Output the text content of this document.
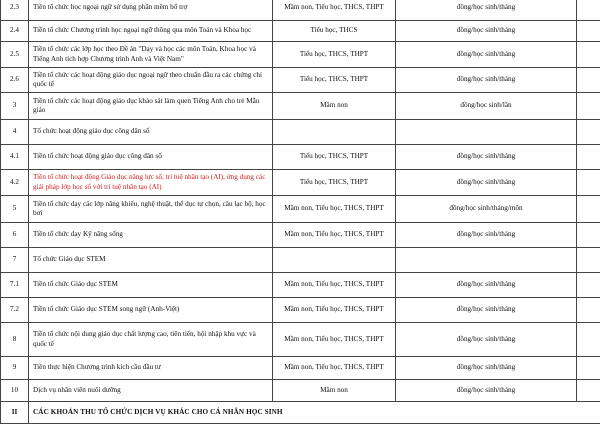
2.3	Tiền tổ chức học ngoại ngữ sử dụng phần mềm bổ trợ	Mầm non, Tiểu học, THCS, THPT	đồng/học sinh/tháng	
2.4	Tiền tổ chức Chương trình học ngoại ngữ thông qua môn Toán và Khoa học	Tiểu học, THCS	đồng/học sinh/tháng	
2.5	Tiền tổ chức các lớp học theo Đề án "Dạy và học các môn Toán, Khoa học và Tiếng Anh tích hợp Chương trình Anh và Việt Nam"	Tiểu học, THCS, THPT	đồng/học sinh/tháng	
2.6	Tiền tổ chức các hoạt động giáo dục ngoại ngữ theo chuẩn đầu ra các chứng chỉ quốc tế	Tiểu học, THCS, THPT	đồng/học sinh/tháng	
3	Tiền tổ chức các hoạt động giáo dục khảo sát làm quen Tiếng Anh cho trẻ Mẫu giáo	Mầm non	đồng/học sinh/lần	
4	Tổ chức hoạt động giáo dục công dân số			
4.1	Tiền tổ chức hoạt động giáo dục công dân số	Tiểu học, THCS, THPT	đồng/học sinh/tháng	
4.2	Tiền tổ chức hoạt động Giáo dục năng lực số, trí tuệ nhân tạo (AI), ứng dụng các giải pháp lớp học số với trí tuệ nhân tạo (AI)	Tiểu học, THCS, THPT	đồng/học sinh/tháng	
5	Tiền tổ chức dạy các lớp năng khiếu, nghệ thuật, thể dục tự chọn, câu lạc bộ, học bơi	Mầm non, Tiểu học, THCS, THPT	đồng/học sinh/tháng/môn	
6	Tiền tổ chức dạy Kỹ năng sống	Mầm non, Tiểu học, THCS, THPT	đồng/học sinh/tháng	
7	Tổ chức Giáo dục STEM			
7.1	Tiền tổ chức Giáo dục STEM	Mầm non, Tiểu học, THCS, THPT	đồng/học sinh/tháng	
7.2	Tiền tổ chức Giáo dục STEM song ngữ (Anh-Việt)	Mầm non, Tiểu học, THCS, THPT	đồng/học sinh/tháng	
8	Tiền tổ chức nội dung giáo dục chất lượng cao, tiên tiến, hội nhập khu vực và quốc tế	Mầm non, Tiểu học, THCS, THPT	đồng/học sinh/tháng	
9	Tiền thực hiện Chương trình kích cầu đầu tư	Mầm non, Tiểu học, THCS, THPT	đồng/học sinh/tháng	
10	Dịch vụ nhân viên nuôi dưỡng	Mầm non	đồng/học sinh/tháng	
II	CÁC KHOẢN THU TỔ CHỨC DỊCH VỤ KHÁC CHO CÁ NHÂN HỌC SINH			
